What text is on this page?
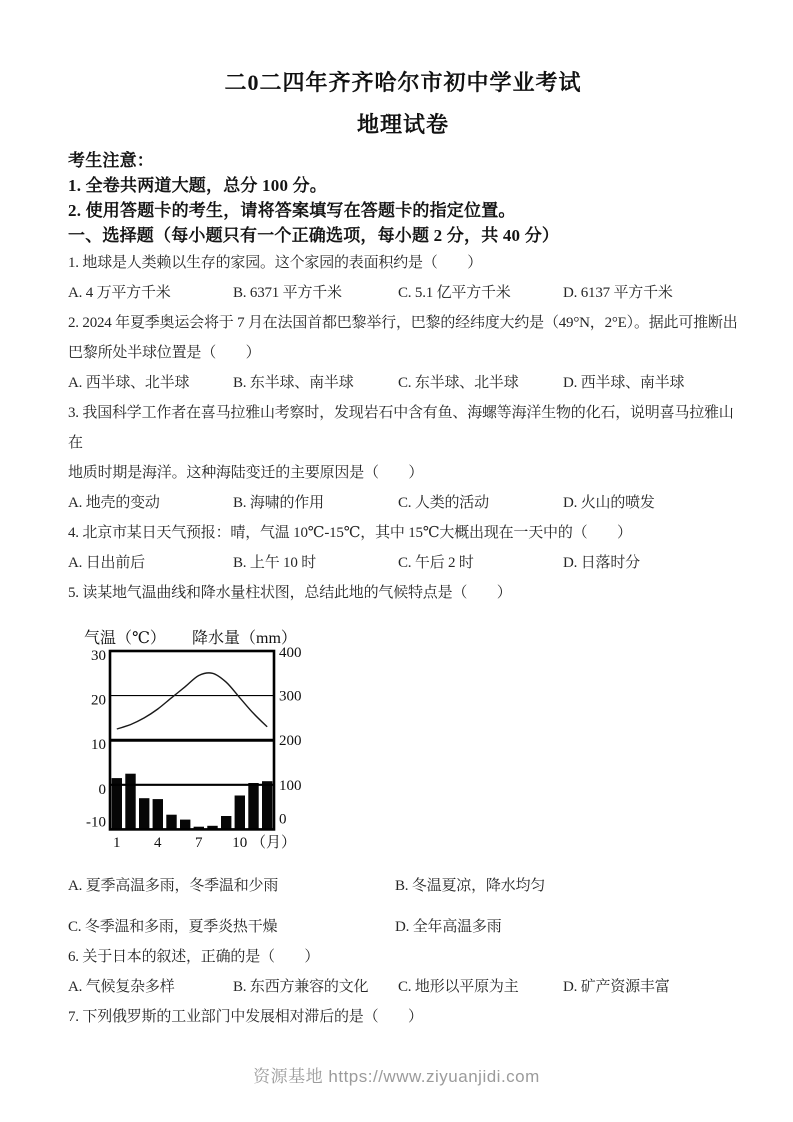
二0二四年齐齐哈尔市初中学业考试
地理试卷
考生注意：
1. 全卷共两道大题，总分 100 分。
2. 使用答题卡的考生，请将答案填写在答题卡的指定位置。
一、选择题（每小题只有一个正确选项，每小题 2 分，共 40 分）
1. 地球是人类赖以生存的家园。这个家园的表面积约是（　　）
A. 4 万平方千米	B. 6371 平方千米	C. 5.1 亿平方千米	D. 6137 平方千米
2. 2024 年夏季奥运会将于 7 月在法国首都巴黎举行，巴黎的经纬度大约是（49°N，2°E）。据此可推断出
巴黎所处半球位置是（　　）
A. 西半球、北半球	B. 东半球、南半球	C. 东半球、北半球	D. 西半球、南半球
3. 我国科学工作者在喜马拉雅山考察时，发现岩石中含有鱼、海螺等海洋生物的化石，说明喜马拉雅山在
地质时期是海洋。这种海陆变迁的主要原因是（　　）
A. 地壳的变动	B. 海啸的作用	C. 人类的活动	D. 火山的喷发
4. 北京市某日天气预报：晴，气温 10℃-15℃，其中 15℃大概出现在一天中的（　　）
A. 日出前后	B. 上午 10 时	C. 午后 2 时	D. 日落时分
5. 读某地气温曲线和降水量柱状图，总结此地的气候特点是（　　）
气温（℃） 降水量（mm）
30
20
10
0
-10
400
300
200
100
0
1 4 7 10 （月）
A. 夏季高温多雨，冬季温和少雨	B. 冬温夏凉，降水均匀
C. 冬季温和多雨，夏季炎热干燥	D. 全年高温多雨
6. 关于日本的叙述，正确的是（　　）
A. 气候复杂多样	B. 东西方兼容的文化	C. 地形以平原为主	D. 矿产资源丰富
7. 下列俄罗斯的工业部门中发展相对滞后的是（　　）
资源基地 https://www.ziyuanjidi.com
